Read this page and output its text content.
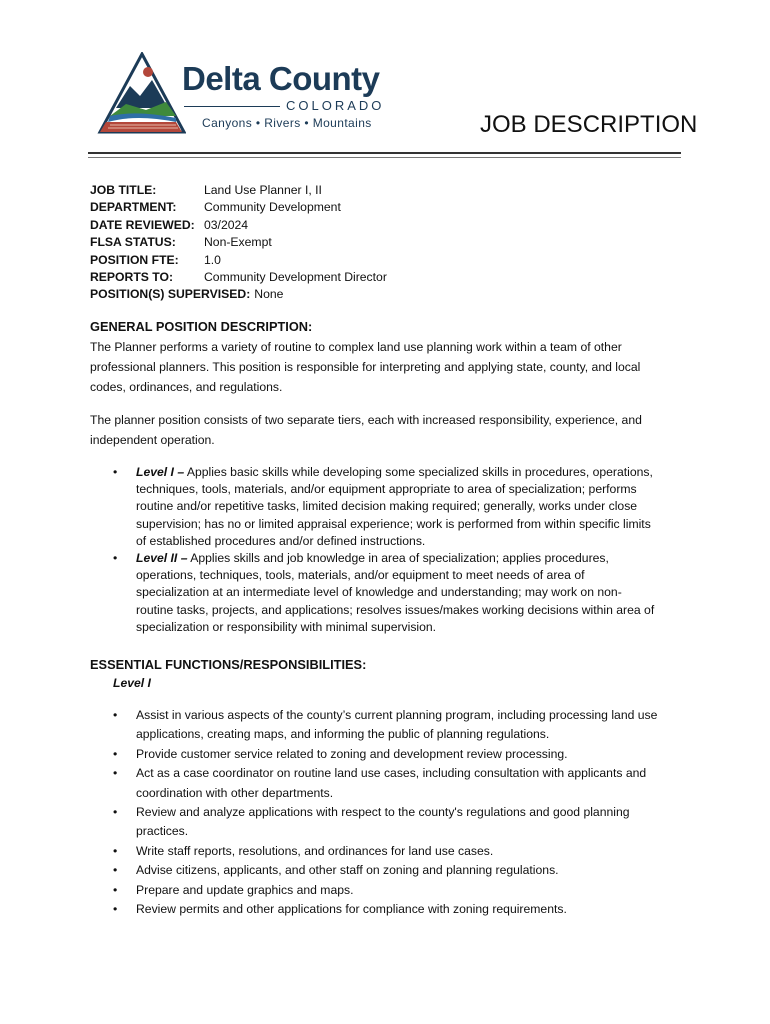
Delta County
COLORADO
Canyons • Rivers • Mountains	JOB DESCRIPTION
JOB TITLE:	Land Use Planner I, II
DEPARTMENT: Community Development
DATE REVIEWED: 03/2024
FLSA STATUS: Non-Exempt
POSITION FTE: 1.0
REPORTS TO:	Community Development Director
POSITION(S) SUPERVISED: None
GENERAL POSITION DESCRIPTION:
The Planner performs a variety of routine to complex land use planning work within a team of other
professional planners. This position is responsible for interpreting and applying state, county, and local
codes, ordinances, and regulations.
The planner position consists of two separate tiers, each with increased responsibility, experience, and
independent operation.
• Level I – Applies basic skills while developing some specialized skills in procedures, operations,
techniques, tools, materials, and/or equipment appropriate to area of specialization; performs
routine and/or repetitive tasks, limited decision making required; generally, works under close
supervision; has no or limited appraisal experience; work is performed from within specific limits
of established procedures and/or defined instructions.
• Level II – Applies skills and job knowledge in area of specialization; applies procedures,
operations, techniques, tools, materials, and/or equipment to meet needs of area of
specialization at an intermediate level of knowledge and understanding; may work on non-
routine tasks, projects, and applications; resolves issues/makes working decisions within area of
specialization or responsibility with minimal supervision.
ESSENTIAL FUNCTIONS/RESPONSIBILITIES:
Level I
• Assist in various aspects of the county’s current planning program, including processing land use
applications, creating maps, and informing the public of planning regulations.
• Provide customer service related to zoning and development review processing.
• Act as a case coordinator on routine land use cases, including consultation with applicants and
coordination with other departments.
• Review and analyze applications with respect to the county's regulations and good planning
practices.
• Write staff reports, resolutions, and ordinances for land use cases.
• Advise citizens, applicants, and other staff on zoning and planning regulations.
• Prepare and update graphics and maps.
• Review permits and other applications for compliance with zoning requirements.
